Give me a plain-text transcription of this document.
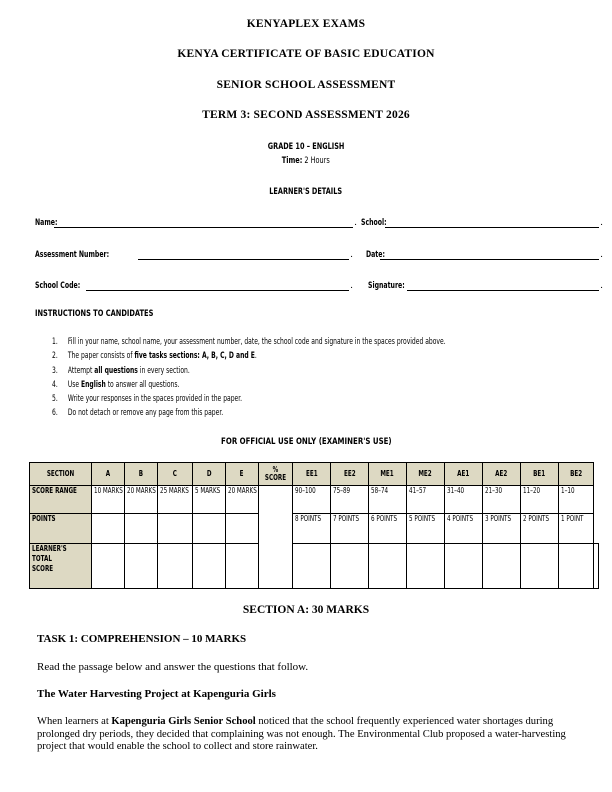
KENYAPLEX EXAMS
KENYA CERTIFICATE OF BASIC EDUCATION
SENIOR SCHOOL ASSESSMENT
TERM 3: SECOND ASSESSMENT 2026
GRADE 10 – ENGLISH
Time: 2 Hours
LEARNER'S DETAILS
Name:	. School:	.
Assessment Number:	. Date:	.
School Code:	. Signature:	.
INSTRUCTIONS TO CANDIDATES
1. Fill in your name, school name, your assessment number, date, the school code and signature in the spaces provided above.
2. The paper consists of five tasks sections: A, B, C, D and E.
3. Attempt all questions in every section.
4. Use English to answer all questions.
5. Write your responses in the spaces provided in the paper.
6. Do not detach or remove any page from this paper.
FOR OFFICIAL USE ONLY (EXAMINER'S USE)
SECTION	A	B	C	D	E	% SCORE	EE1	EE2	ME1	ME2	AE1	AE2	BE1	BE2	
SCORE RANGE	10 MARKS	20 MARKS	25 MARKS	5 MARKS	20 MARKS		90–100	75–89	58–74	41–57	31–40	21–30	11–20	1–10	
POINTS							8 POINTS	7 POINTS	6 POINTS	5 POINTS	4 POINTS	3 POINTS	2 POINTS	1 POINT	
LEARNER'S TOTAL SCORE															
SECTION A: 30 MARKS
TASK 1: COMPREHENSION – 10 MARKS
Read the passage below and answer the questions that follow.
The Water Harvesting Project at Kapenguria Girls
When learners at Kapenguria Girls Senior School noticed that the school frequently experienced water shortages during prolonged dry periods, they decided that complaining was not enough. The Environmental Club proposed a water-harvesting project that would enable the school to collect and store rainwater.
